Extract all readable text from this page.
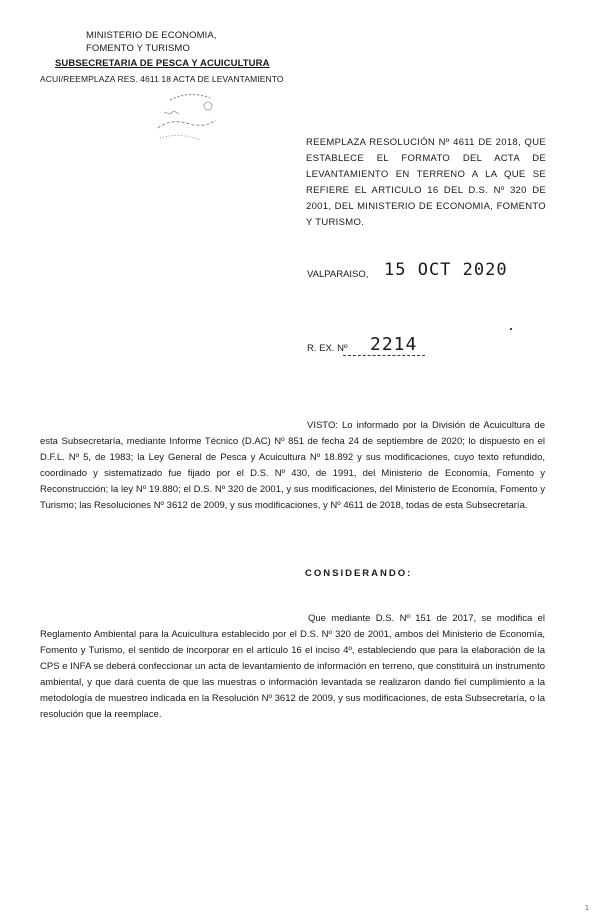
MINISTERIO DE ECONOMIA,
FOMENTO Y TURISMO
SUBSECRETARIA DE PESCA Y ACUICULTURA
ACUI/REEMPLAZA RES. 4611 18 ACTA DE LEVANTAMIENTO
REEMPLAZA RESOLUCIÓN Nº 4611 DE 2018, QUE ESTABLECE EL FORMATO DEL ACTA DE LEVANTAMIENTO EN TERRENO A LA QUE SE REFIERE EL ARTICULO 16 DEL D.S. Nº 320 DE 2001, DEL MINISTERIO DE ECONOMIA, FOMENTO Y TURISMO.
VALPARAISO, 15 OCT 2020
R. EX. Nº 2214
VISTO: Lo informado por la División de Acuicultura de esta Subsecretaría, mediante Informe Técnico (D.AC) Nº 851 de fecha 24 de septiembre de 2020; lo dispuesto en el D.F.L. Nº 5, de 1983; la Ley General de Pesca y Acuicultura Nº 18.892 y sus modificaciones, cuyo texto refundido, coordinado y sistematizado fue fijado por el D.S. Nº 430, de 1991, del Ministerio de Economía, Fomento y Reconstrucción; la ley Nº 19.880; el D.S. Nº 320 de 2001, y sus modificaciones, del Ministerio de Economía, Fomento y Turismo; las Resoluciones Nº 3612 de 2009, y sus modificaciones, y Nº 4611 de 2018, todas de esta Subsecretaría.
CONSIDERANDO:
Que mediante D.S. Nº 151 de 2017, se modifica el Reglamento Ambiental para la Acuicultura establecido por el D.S. Nº 320 de 2001, ambos del Ministerio de Economía, Fomento y Turismo, el sentido de incorporar en el artículo 16 el inciso 4º, estableciendo que para la elaboración de la CPS e INFA se deberá confeccionar un acta de levantamiento de información en terreno, que constituirá un instrumento ambiental, y que dará cuenta de que las muestras o información levantada se realizaron dando fiel cumplimiento a la metodología de muestreo indicada en la Resolución Nº 3612 de 2009, y sus modificaciones, de esta Subsecretaría, o la resolución que la reemplace.
1
